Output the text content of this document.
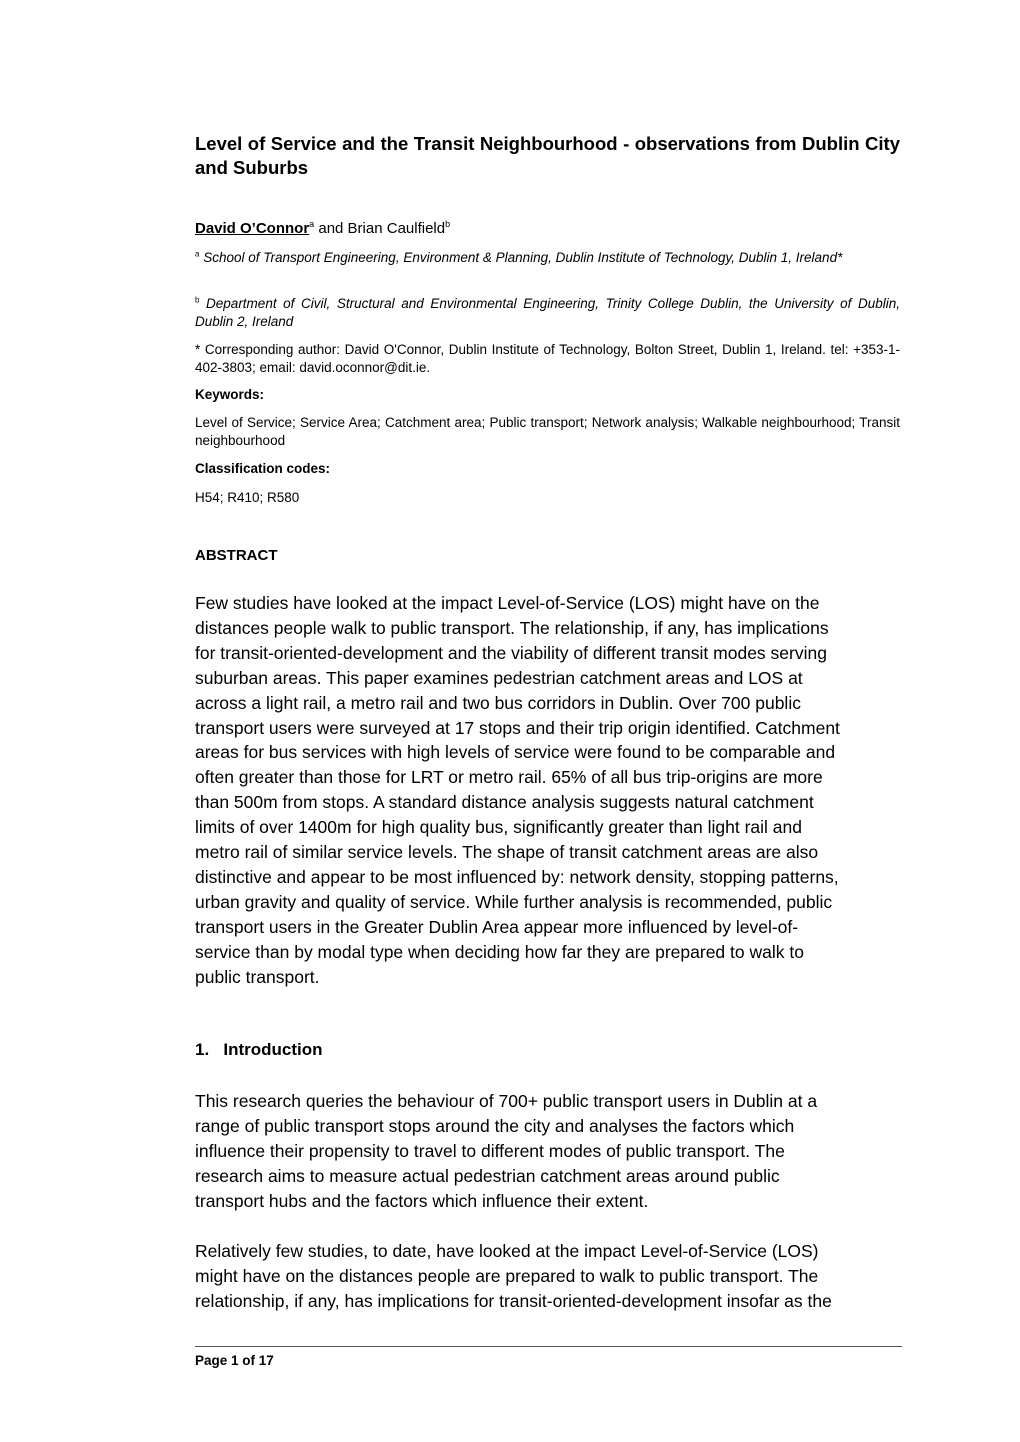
Level of Service and the Transit Neighbourhood - observations from Dublin City and Suburbs
David O’Connor$^a$ and Brian Caulfield$^b$
$^a$ School of Transport Engineering, Environment & Planning, Dublin Institute of Technology, Dublin 1, Ireland*
$^b$ Department of Civil, Structural and Environmental Engineering, Trinity College Dublin, the University of Dublin, Dublin 2, Ireland
* Corresponding author: David O'Connor, Dublin Institute of Technology, Bolton Street, Dublin 1, Ireland. tel: +353-1-402-3803; email: david.oconnor@dit.ie.
Keywords:
Level of Service; Service Area; Catchment area; Public transport; Network analysis; Walkable neighbourhood; Transit neighbourhood
Classification codes:
H54; R410; R580
ABSTRACT
Few studies have looked at the impact Level-of-Service (LOS) might have on the
distances people walk to public transport. The relationship, if any, has implications
for transit-oriented-development and the viability of different transit modes serving
suburban areas. This paper examines pedestrian catchment areas and LOS at
across a light rail, a metro rail and two bus corridors in Dublin. Over 700 public
transport users were surveyed at 17 stops and their trip origin identified. Catchment
areas for bus services with high levels of service were found to be comparable and
often greater than those for LRT or metro rail. 65% of all bus trip-origins are more
than 500m from stops. A standard distance analysis suggests natural catchment
limits of over 1400m for high quality bus, significantly greater than light rail and
metro rail of similar service levels. The shape of transit catchment areas are also
distinctive and appear to be most influenced by: network density, stopping patterns,
urban gravity and quality of service. While further analysis is recommended, public
transport users in the Greater Dublin Area appear more influenced by level-of-
service than by modal type when deciding how far they are prepared to walk to
public transport.
1.   Introduction
This research queries the behaviour of 700+ public transport users in Dublin at a
range of public transport stops around the city and analyses the factors which
influence their propensity to travel to different modes of public transport. The
research aims to measure actual pedestrian catchment areas around public
transport hubs and the factors which influence their extent.
Relatively few studies, to date, have looked at the impact Level-of-Service (LOS)
might have on the distances people are prepared to walk to public transport. The
relationship, if any, has implications for transit-oriented-development insofar as the
Page 1 of 17
